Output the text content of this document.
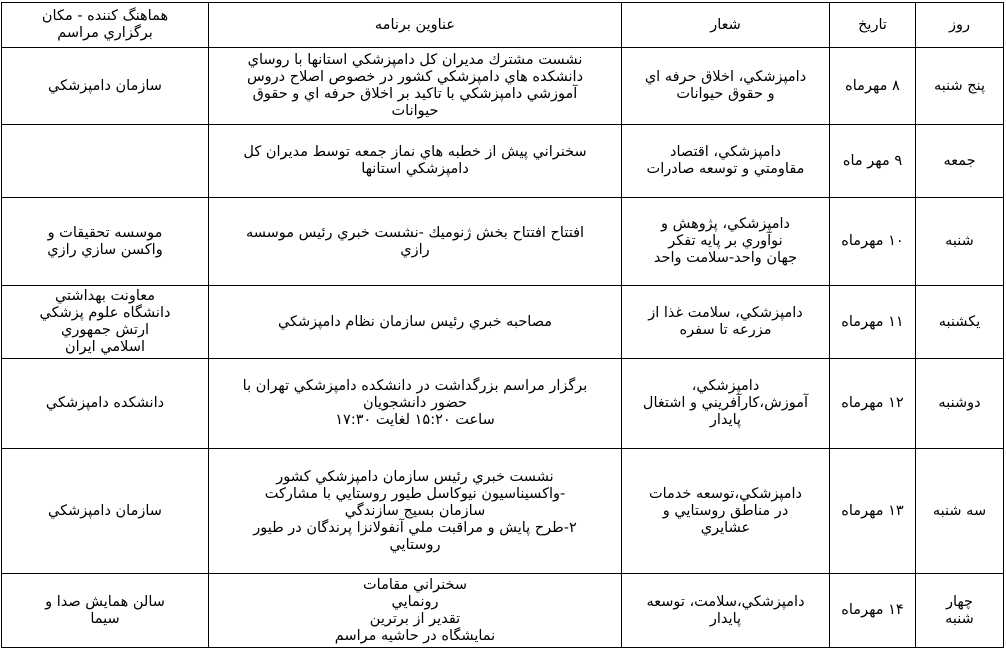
روز	تاريخ	شعار	عناوين برنامه	هماهنگ كننده - مكان
برگزاري مراسم

پنج شنبه	۸ مهرماه	دامپزشكي، اخلاق حرفه اي
و حقوق حيوانات	نشست مشترك مديران كل دامپزشكي استانها با روساي
دانشكده هاي دامپزشكي كشور در خصوص اصلاح دروس
آموزشي دامپزشكي با تاكيد بر اخلاق حرفه اي و حقوق
حيوانات	سازمان دامپزشكي

جمعه	۹ مهر ماه	دامپزشكي، اقتصاد
مقاومتي و توسعه صادرات	سخنراني پيش از خطبه هاي نماز جمعه توسط مديران كل
دامپزشكي استانها	

شنبه	۱۰ مهرماه	دامپزشكي، پژوهش و
نوآوري بر پايه تفكر
جهان واحد-سلامت واحد	افتتاح افتتاح بخش ژنوميك -نشست خبري رئيس موسسه
رازي	موسسه تحقيقات و
واكسن سازي رازي

يكشنبه	۱۱ مهرماه	دامپزشكي، سلامت غذا از
مزرعه تا سفره	مصاحبه خبري رئيس سازمان نظام دامپزشكي	معاونت بهداشتي
دانشگاه علوم پزشكي
ارتش جمهوري
اسلامي ايران

دوشنبه	۱۲ مهرماه	دامپزشكي،
آموزش،كارآفريني و اشتغال
پايدار	برگزار مراسم بزرگداشت در دانشكده دامپزشكي تهران با
حضور دانشجويان
ساعت ۱۵:۲۰ لغايت ۱۷:۳۰	دانشكده دامپزشكي

سه شنبه	۱۳ مهرماه	دامپزشكي،توسعه خدمات
در مناطق روستايي و
عشايري	نشست خبري رئيس سازمان دامپزشكي كشور
-واكسيناسيون نيوكاسل طيور روستايي با مشاركت
سازمان بسيج سازندگي
۲-طرح پايش و مراقبت ملي آنفولانزا پرندگان در طيور
روستايي	سازمان دامپزشكي

چهار
شنبه	۱۴ مهرماه	دامپزشكي،سلامت، توسعه
پايدار	سخنراني مقامات
رونمايي
تقدير از برترين
نمايشگاه در حاشيه مراسم	سالن همايش صدا و
سيما
